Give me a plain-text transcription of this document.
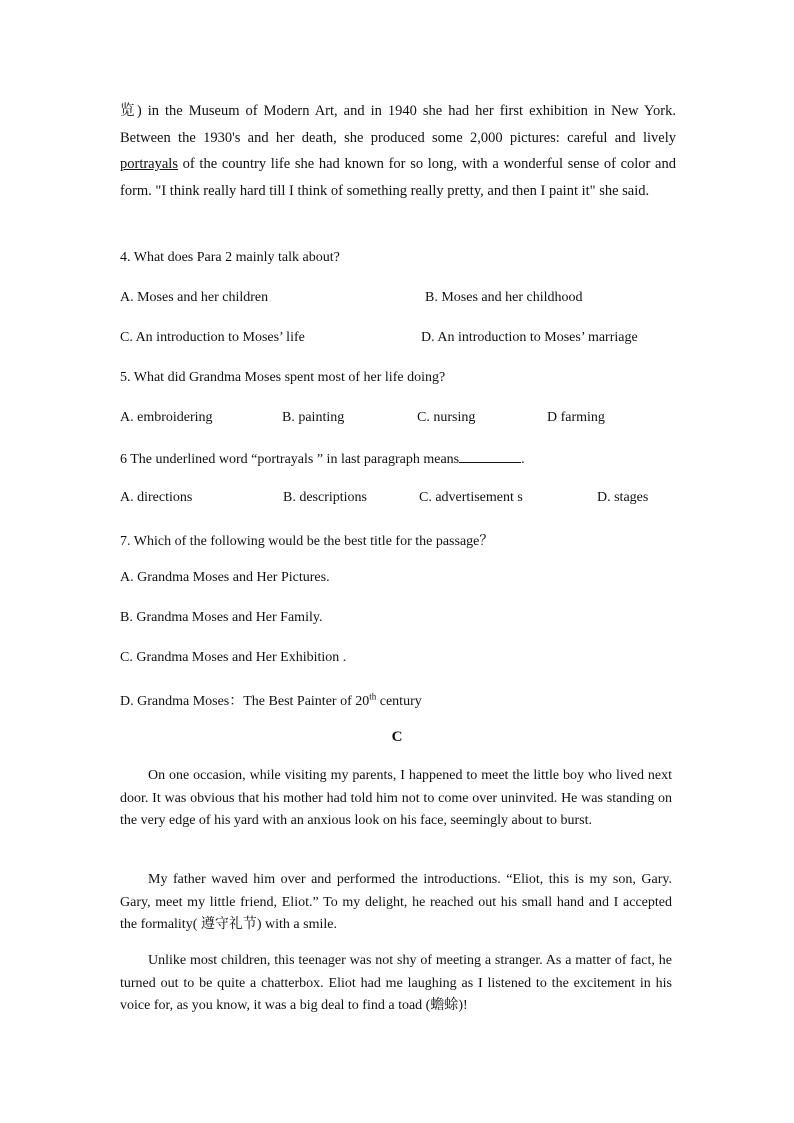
览) in the Museum of Modern Art, and in 1940 she had her first exhibition in New York. Between the 1930's and her death, she produced some 2,000 pictures: careful and lively portrayals of the country life she had known for so long, with a wonderful sense of color and form. "I think really hard till I think of something really pretty, and then I paint it" she said.
4. What does Para 2 mainly talk about?
A. Moses and her children	B. Moses and her childhood
C. An introduction to Moses’ life	D. An introduction to Moses’ marriage
5. What did Grandma Moses spent most of her life doing?
A. embroidering	B. painting	C. nursing	D farming
6 The underlined word “portrayals ” in last paragraph means	.
A. directions	B. descriptions	C. advertisement s	D. stages
7. Which of the following would be the best title for the passage？
A. Grandma Moses and Her Pictures.
B. Grandma Moses and Her Family.
C. Grandma Moses and Her Exhibition .
D. Grandma Moses：The Best Painter of 20th century
C
On one occasion, while visiting my parents, I happened to meet the little boy who lived next door. It was obvious that his mother had told him not to come over uninvited. He was standing on the very edge of his yard with an anxious look on his face, seemingly about to burst.
My father waved him over and performed the introductions. “Eliot, this is my son, Gary. Gary, meet my little friend, Eliot.” To my delight, he reached out his small hand and I accepted the formality( 遵守礼节) with a smile.
Unlike most children, this teenager was not shy of meeting a stranger. As a matter of fact, he turned out to be quite a chatterbox. Eliot had me laughing as I listened to the excitement in his voice for, as you know, it was a big deal to find a toad (蟾蜍)!
